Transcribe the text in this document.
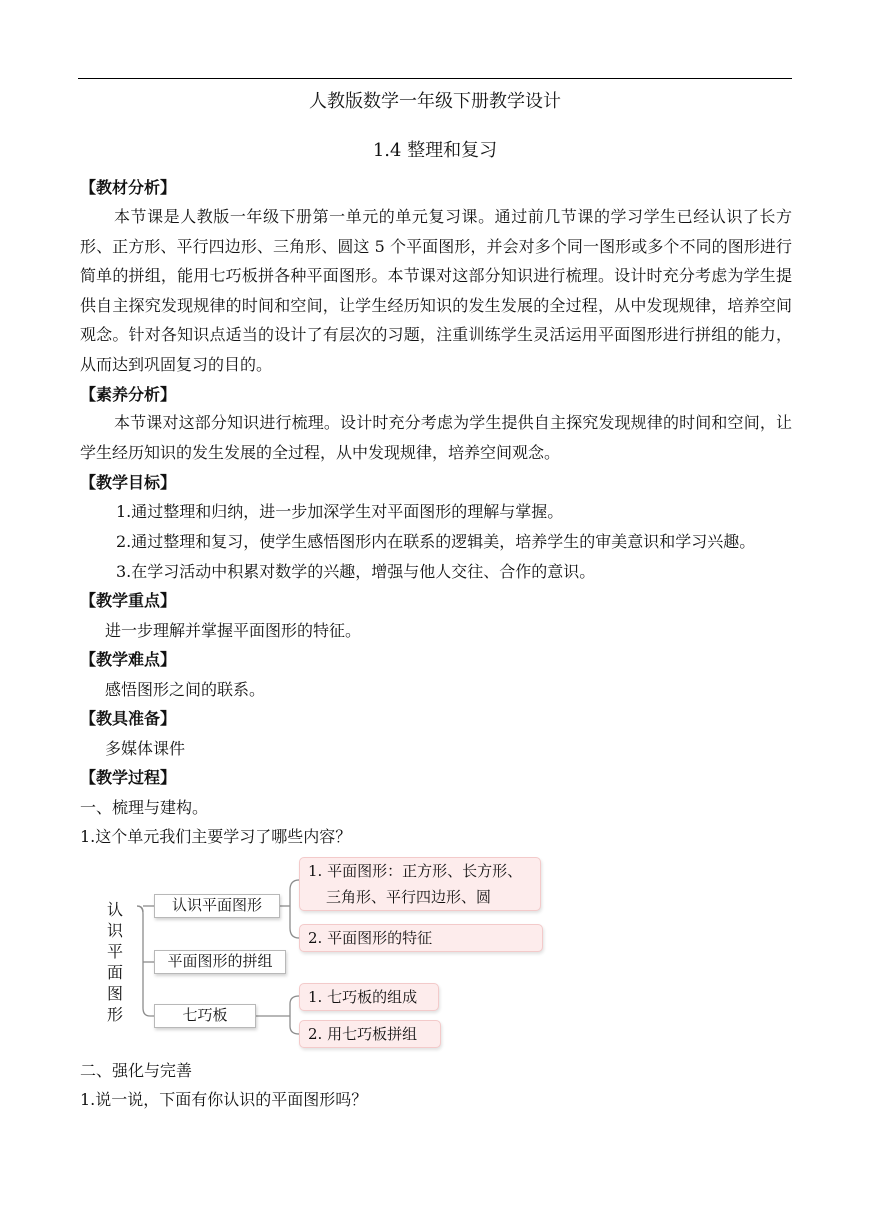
人教版数学一年级下册教学设计
1.4 整理和复习
【教材分析】
本节课是人教版一年级下册第一单元的单元复习课。通过前几节课的学习学生已经认识了长方形、正方形、平行四边形、三角形、圆这 5 个平面图形，并会对多个同一图形或多个不同的图形进行简单的拼组，能用七巧板拼各种平面图形。本节课对这部分知识进行梳理。设计时充分考虑为学生提供自主探究发现规律的时间和空间，让学生经历知识的发生发展的全过程，从中发现规律，培养空间观念。针对各知识点适当的设计了有层次的习题，注重训练学生灵活运用平面图形进行拼组的能力，从而达到巩固复习的目的。
【素养分析】
本节课对这部分知识进行梳理。设计时充分考虑为学生提供自主探究发现规律的时间和空间，让学生经历知识的发生发展的全过程，从中发现规律，培养空间观念。
【教学目标】
1.通过整理和归纳，进一步加深学生对平面图形的理解与掌握。
2.通过整理和复习，使学生感悟图形内在联系的逻辑美，培养学生的审美意识和学习兴趣。
3.在学习活动中积累对数学的兴趣，增强与他人交往、合作的意识。
【教学重点】
进一步理解并掌握平面图形的特征。
【教学难点】
感悟图形之间的联系。
【教具准备】
多媒体课件
【教学过程】
一、梳理与建构。
1.这个单元我们主要学习了哪些内容？
认
识
平
面
图
形
认识平面图形
平面图形的拼组
七巧板
1. 平面图形：正方形、长方形、
三角形、平行四边形、圆
2. 平面图形的特征
1. 七巧板的组成
2. 用七巧板拼组
二、强化与完善
1.说一说，下面有你认识的平面图形吗？
